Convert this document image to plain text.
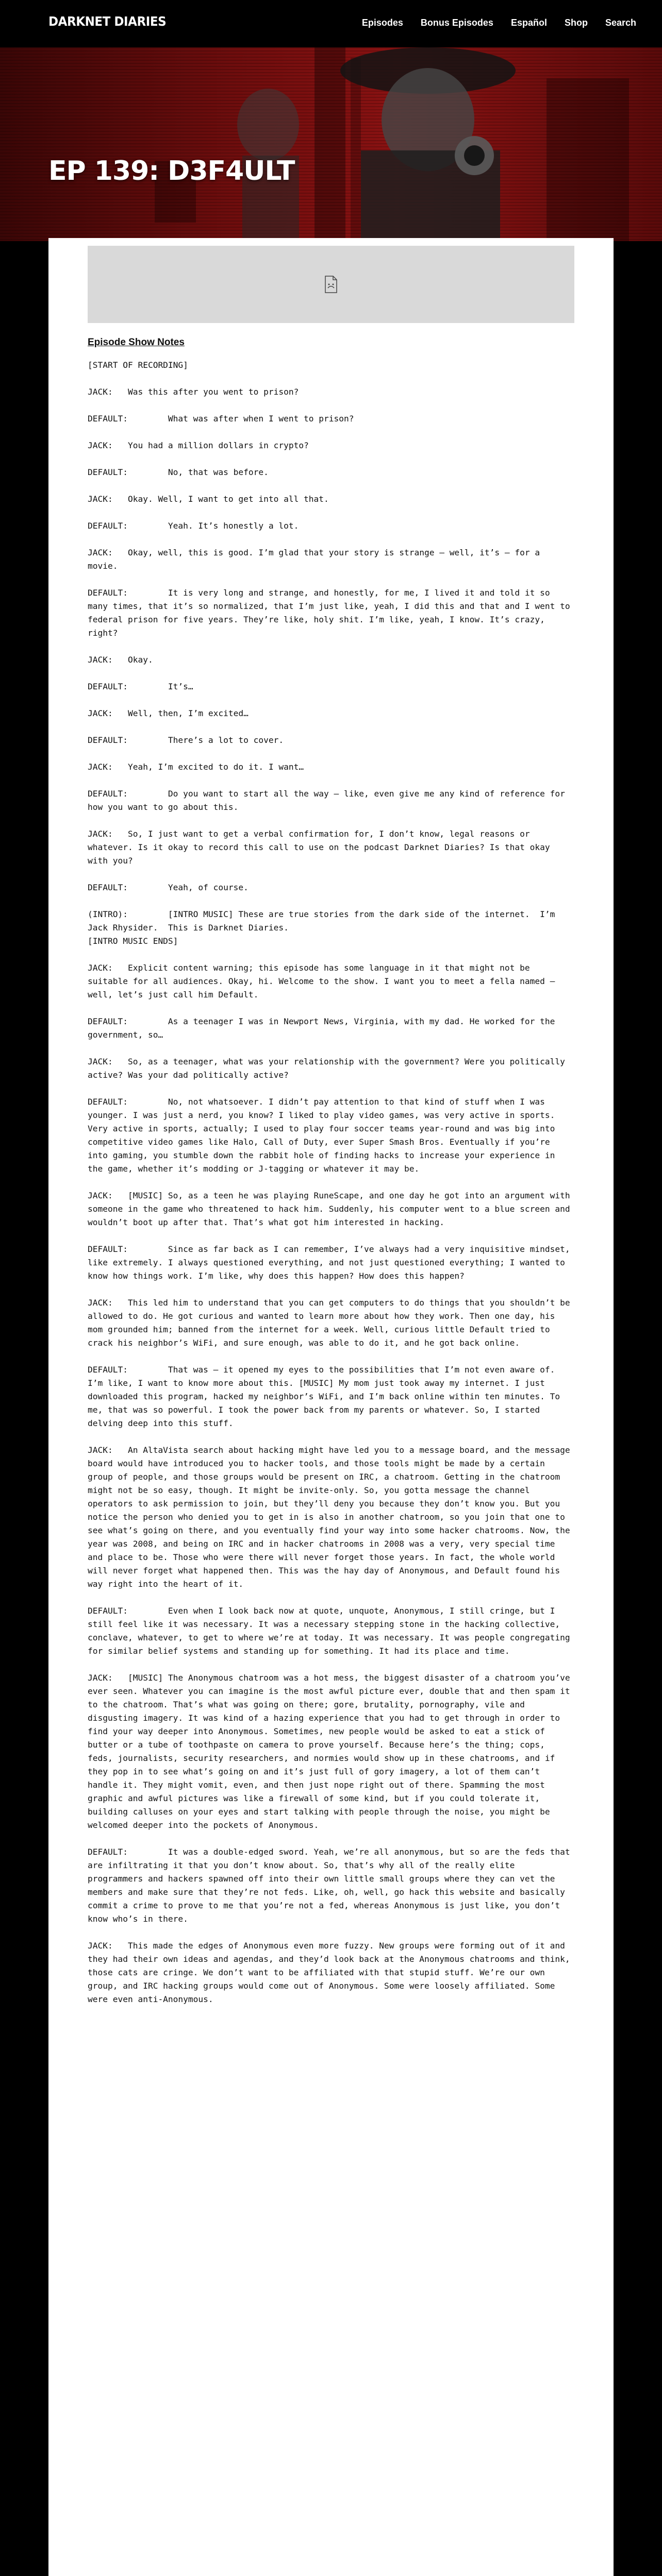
DARKNET DIARIES	Episodes Bonus Episodes Español Shop Search
EP 139: D3F4ULT
Episode Show Notes

[START OF RECORDING]

JACK:   Was this after you went to prison?

DEFAULT:        What was after when I went to prison?

JACK:   You had a million dollars in crypto?

DEFAULT:        No, that was before.

JACK:   Okay. Well, I want to get into all that.

DEFAULT:        Yeah. It’s honestly a lot.

JACK:   Okay, well, this is good. I’m glad that your story is strange – well, it’s – for a movie.

DEFAULT:        It is very long and strange, and honestly, for me, I lived it and told it so many times, that it’s so normalized, that I’m just like, yeah, I did this and that and I went to federal prison for five years. They’re like, holy shit. I’m like, yeah, I know. It’s crazy, right?

JACK:   Okay.

DEFAULT:        It’s…

JACK:   Well, then, I’m excited…

DEFAULT:        There’s a lot to cover.

JACK:   Yeah, I’m excited to do it. I want…

DEFAULT:        Do you want to start all the way – like, even give me any kind of reference for how you want to go about this.

JACK:   So, I just want to get a verbal confirmation for, I don’t know, legal reasons or whatever. Is it okay to record this call to use on the podcast Darknet Diaries? Is that okay with you?

DEFAULT:        Yeah, of course.

(INTRO):        [INTRO MUSIC] These are true stories from the dark side of the internet.  I’m Jack Rhysider.  This is Darknet Diaries.
[INTRO MUSIC ENDS]

JACK:   Explicit content warning; this episode has some language in it that might not be suitable for all audiences. Okay, hi. Welcome to the show. I want you to meet a fella named – well, let’s just call him Default.

DEFAULT:        As a teenager I was in Newport News, Virginia, with my dad. He worked for the government, so…

JACK:   So, as a teenager, what was your relationship with the government? Were you politically active? Was your dad politically active?

DEFAULT:        No, not whatsoever. I didn’t pay attention to that kind of stuff when I was younger. I was just a nerd, you know? I liked to play video games, was very active in sports. Very active in sports, actually; I used to play four soccer teams year-round and was big into competitive video games like Halo, Call of Duty, ever Super Smash Bros. Eventually if you’re into gaming, you stumble down the rabbit hole of finding hacks to increase your experience in the game, whether it’s modding or J-tagging or whatever it may be.

JACK:   [MUSIC] So, as a teen he was playing RuneScape, and one day he got into an argument with someone in the game who threatened to hack him. Suddenly, his computer went to a blue screen and wouldn’t boot up after that. That’s what got him interested in hacking.

DEFAULT:        Since as far back as I can remember, I’ve always had a very inquisitive mindset, like extremely. I always questioned everything, and not just questioned everything; I wanted to know how things work. I’m like, why does this happen? How does this happen?

JACK:   This led him to understand that you can get computers to do things that you shouldn’t be allowed to do. He got curious and wanted to learn more about how they work. Then one day, his mom grounded him; banned from the internet for a week. Well, curious little Default tried to crack his neighbor’s WiFi, and sure enough, was able to do it, and he got back online.

DEFAULT:        That was – it opened my eyes to the possibilities that I’m not even aware of. I’m like, I want to know more about this. [MUSIC] My mom just took away my internet. I just downloaded this program, hacked my neighbor’s WiFi, and I’m back online within ten minutes. To me, that was so powerful. I took the power back from my parents or whatever. So, I started delving deep into this stuff.

JACK:   An AltaVista search about hacking might have led you to a message board, and the message board would have introduced you to hacker tools, and those tools might be made by a certain group of people, and those groups would be present on IRC, a chatroom. Getting in the chatroom might not be so easy, though. It might be invite-only. So, you gotta message the channel operators to ask permission to join, but they’ll deny you because they don’t know you. But you notice the person who denied you to get in is also in another chatroom, so you join that one to see what’s going on there, and you eventually find your way into some hacker chatrooms. Now, the year was 2008, and being on IRC and in hacker chatrooms in 2008 was a very, very special time and place to be. Those who were there will never forget those years. In fact, the whole world will never forget what happened then. This was the hay day of Anonymous, and Default found his way right into the heart of it.

DEFAULT:        Even when I look back now at quote, unquote, Anonymous, I still cringe, but I still feel like it was necessary. It was a necessary stepping stone in the hacking collective, conclave, whatever, to get to where we’re at today. It was necessary. It was people congregating for similar belief systems and standing up for something. It had its place and time.

JACK:   [MUSIC] The Anonymous chatroom was a hot mess, the biggest disaster of a chatroom you’ve ever seen. Whatever you can imagine is the most awful picture ever, double that and then spam it to the chatroom. That’s what was going on there; gore, brutality, pornography, vile and disgusting imagery. It was kind of a hazing experience that you had to get through in order to find your way deeper into Anonymous. Sometimes, new people would be asked to eat a stick of butter or a tube of toothpaste on camera to prove yourself. Because here’s the thing; cops, feds, journalists, security researchers, and normies would show up in these chatrooms, and if they pop in to see what’s going on and it’s just full of gory imagery, a lot of them can’t handle it. They might vomit, even, and then just nope right out of there. Spamming the most graphic and awful pictures was like a firewall of some kind, but if you could tolerate it, building calluses on your eyes and start talking with people through the noise, you might be welcomed deeper into the pockets of Anonymous.

DEFAULT:        It was a double-edged sword. Yeah, we’re all anonymous, but so are the feds that are infiltrating it that you don’t know about. So, that’s why all of the really elite programmers and hackers spawned off into their own little small groups where they can vet the members and make sure that they’re not feds. Like, oh, well, go hack this website and basically commit a crime to prove to me that you’re not a fed, whereas Anonymous is just like, you don’t know who’s in there.

JACK:   This made the edges of Anonymous even more fuzzy. New groups were forming out of it and they had their own ideas and agendas, and they’d look back at the Anonymous chatrooms and think, those cats are cringe. We don’t want to be affiliated with that stupid stuff. We’re our own group, and IRC hacking groups would come out of Anonymous. Some were loosely affiliated. Some were even anti-Anonymous.
